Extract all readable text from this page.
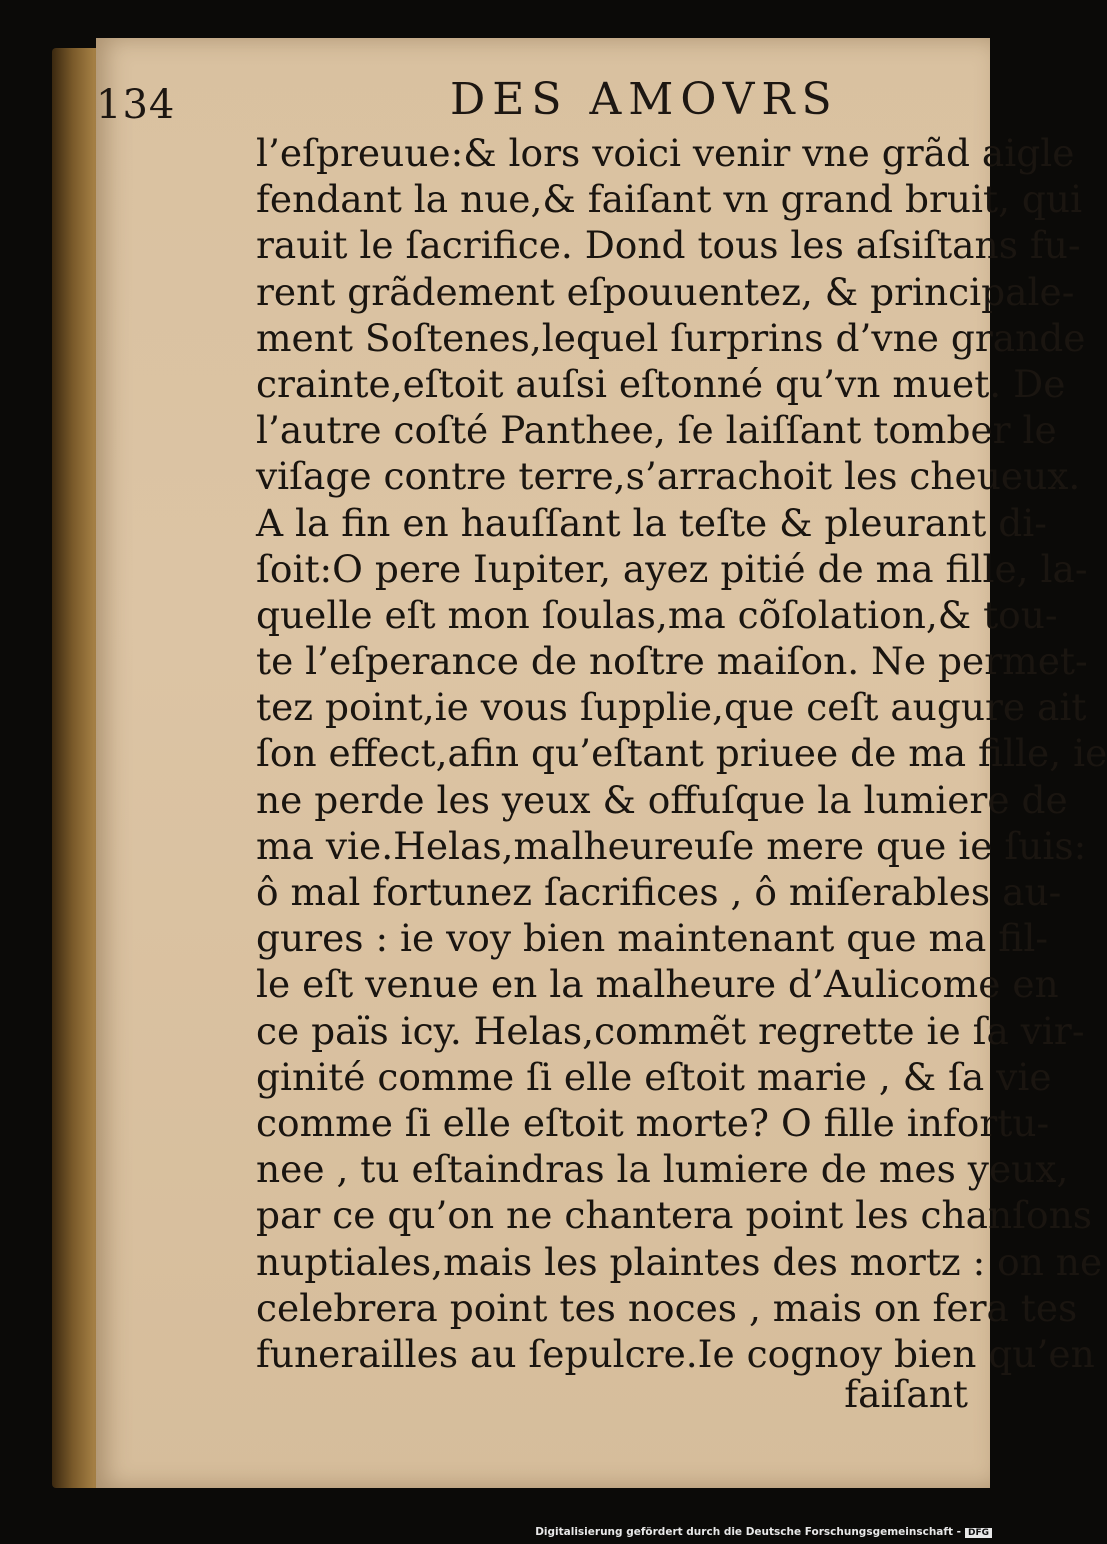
134	DES AMOVRS
l’eſpreuue:& lors voici venir vne grãd aigle
fendant la nue,& faiſant vn grand bruit, qui
rauit le ſacrifice. Dond tous les aſsiſtans fu-
rent grãdement eſpouuentez, & principale-
ment Soſtenes,lequel ſurprins d’vne grande
crainte,eſtoit auſsi eſtonné qu’vn muet. De
l’autre coſté Panthee, ſe laiſſant tomber le
viſage contre terre,s’arrachoit les cheueux.
A la fin en hauſſant la teſte & pleurant di-
ſoit:O pere Iupiter, ayez pitié de ma fille, la-
quelle eſt mon ſoulas,ma cõſolation,& tou-
te l’eſperance de noſtre maiſon. Ne permet-
tez point,ie vous ſupplie,que ceſt augure ait
ſon effect,afin qu’eſtant priuee de ma fille, ie
ne perde les yeux & offuſque la lumiere de
ma vie.Helas,malheureuſe mere que ie ſuis:
ô mal fortunez ſacrifices , ô miſerables au-
gures : ie voy bien maintenant que ma fil-
le eſt venue en la malheure d’Aulicome en
ce païs icy. Helas,commẽt regrette ie ſa vir-
ginité comme ſi elle eſtoit marie , & ſa vie
comme ſi elle eſtoit morte? O fille infortu-
nee , tu eſtaindras la lumiere de mes yeux,
par ce qu’on ne chantera point les chanſons
nuptiales,mais les plaintes des mortz : on ne
celebrera point tes noces , mais on fera tes
funerailles au ſepulcre.Ie cognoy bien qu’en
faiſant
Digitalisierung gefördert durch die Deutsche Forschungsgemeinschaft - DFG
